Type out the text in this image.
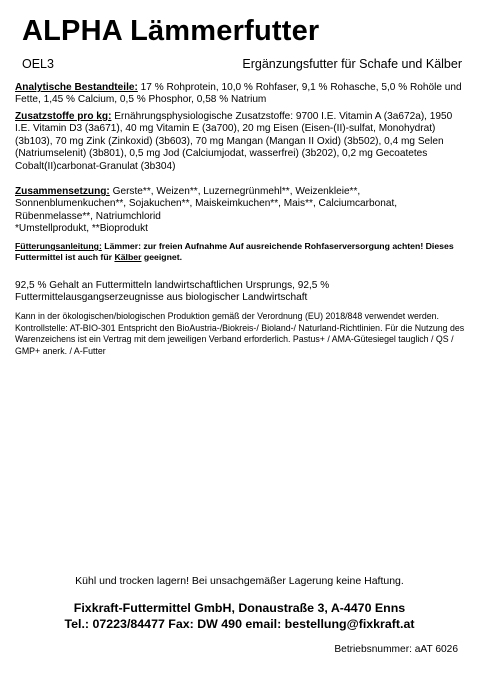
ALPHA Lämmerfutter
OEL3	Ergänzungsfutter für Schafe und Kälber
Analytische Bestandteile: 17 % Rohprotein, 10,0 % Rohfaser, 9,1 % Rohasche, 5,0 % Rohöle und Fette, 1,45 % Calcium, 0,5 % Phosphor, 0,58 % Natrium
Zusatzstoffe pro kg: Ernährungsphysiologische Zusatzstoffe: 9700 I.E. Vitamin A (3a672a), 1950 I.E. Vitamin D3 (3a671), 40 mg Vitamin E (3a700), 20 mg Eisen (Eisen-(II)-sulfat, Monohydrat) (3b103), 70 mg Zink (Zinkoxid) (3b603), 70 mg Mangan (Mangan II Oxid) (3b502), 0,4 mg Selen (Natriumselenit) (3b801), 0,5 mg Jod (Calciumjodat, wasserfrei) (3b202), 0,2 mg Gecoatetes Cobalt(II)carbonat-Granulat (3b304)
Zusammensetzung: Gerste**, Weizen**, Luzernegrünmehl**, Weizenkleie**, Sonnenblumenkuchen**, Sojakuchen**, Maiskeimkuchen**, Mais**, Calciumcarbonat, Rübenmelasse**, Natriumchlorid
*Umstellprodukt, **Bioprodukt
Fütterungsanleitung: Lämmer: zur freien Aufnahme Auf ausreichende Rohfaserversorgung achten! Dieses Futtermittel ist auch für Kälber geeignet.
92,5 % Gehalt an Futtermitteln landwirtschaftlichen Ursprungs, 92,5 % Futtermittelausgangserzeugnisse aus biologischer Landwirtschaft
Kann in der ökologischen/biologischen Produktion gemäß der Verordnung (EU) 2018/848 verwendet werden. Kontrollstelle: AT-BIO-301 Entspricht den BioAustria-/Biokreis-/ Bioland-/ Naturland-Richtlinien. Für die Nutzung des Warenzeichens ist ein Vertrag mit dem jeweiligen Verband erforderlich. Pastus+ / AMA-Gütesiegel tauglich / QS / GMP+ anerk. / A-Futter
Kühl und trocken lagern! Bei unsachgemäßer Lagerung keine Haftung.
Fixkraft-Futtermittel GmbH, Donaustraße 3, A-4470 Enns
Tel.: 07223/84477 Fax: DW 490 email: bestellung@fixkraft.at
Betriebsnummer: aAT 6026
